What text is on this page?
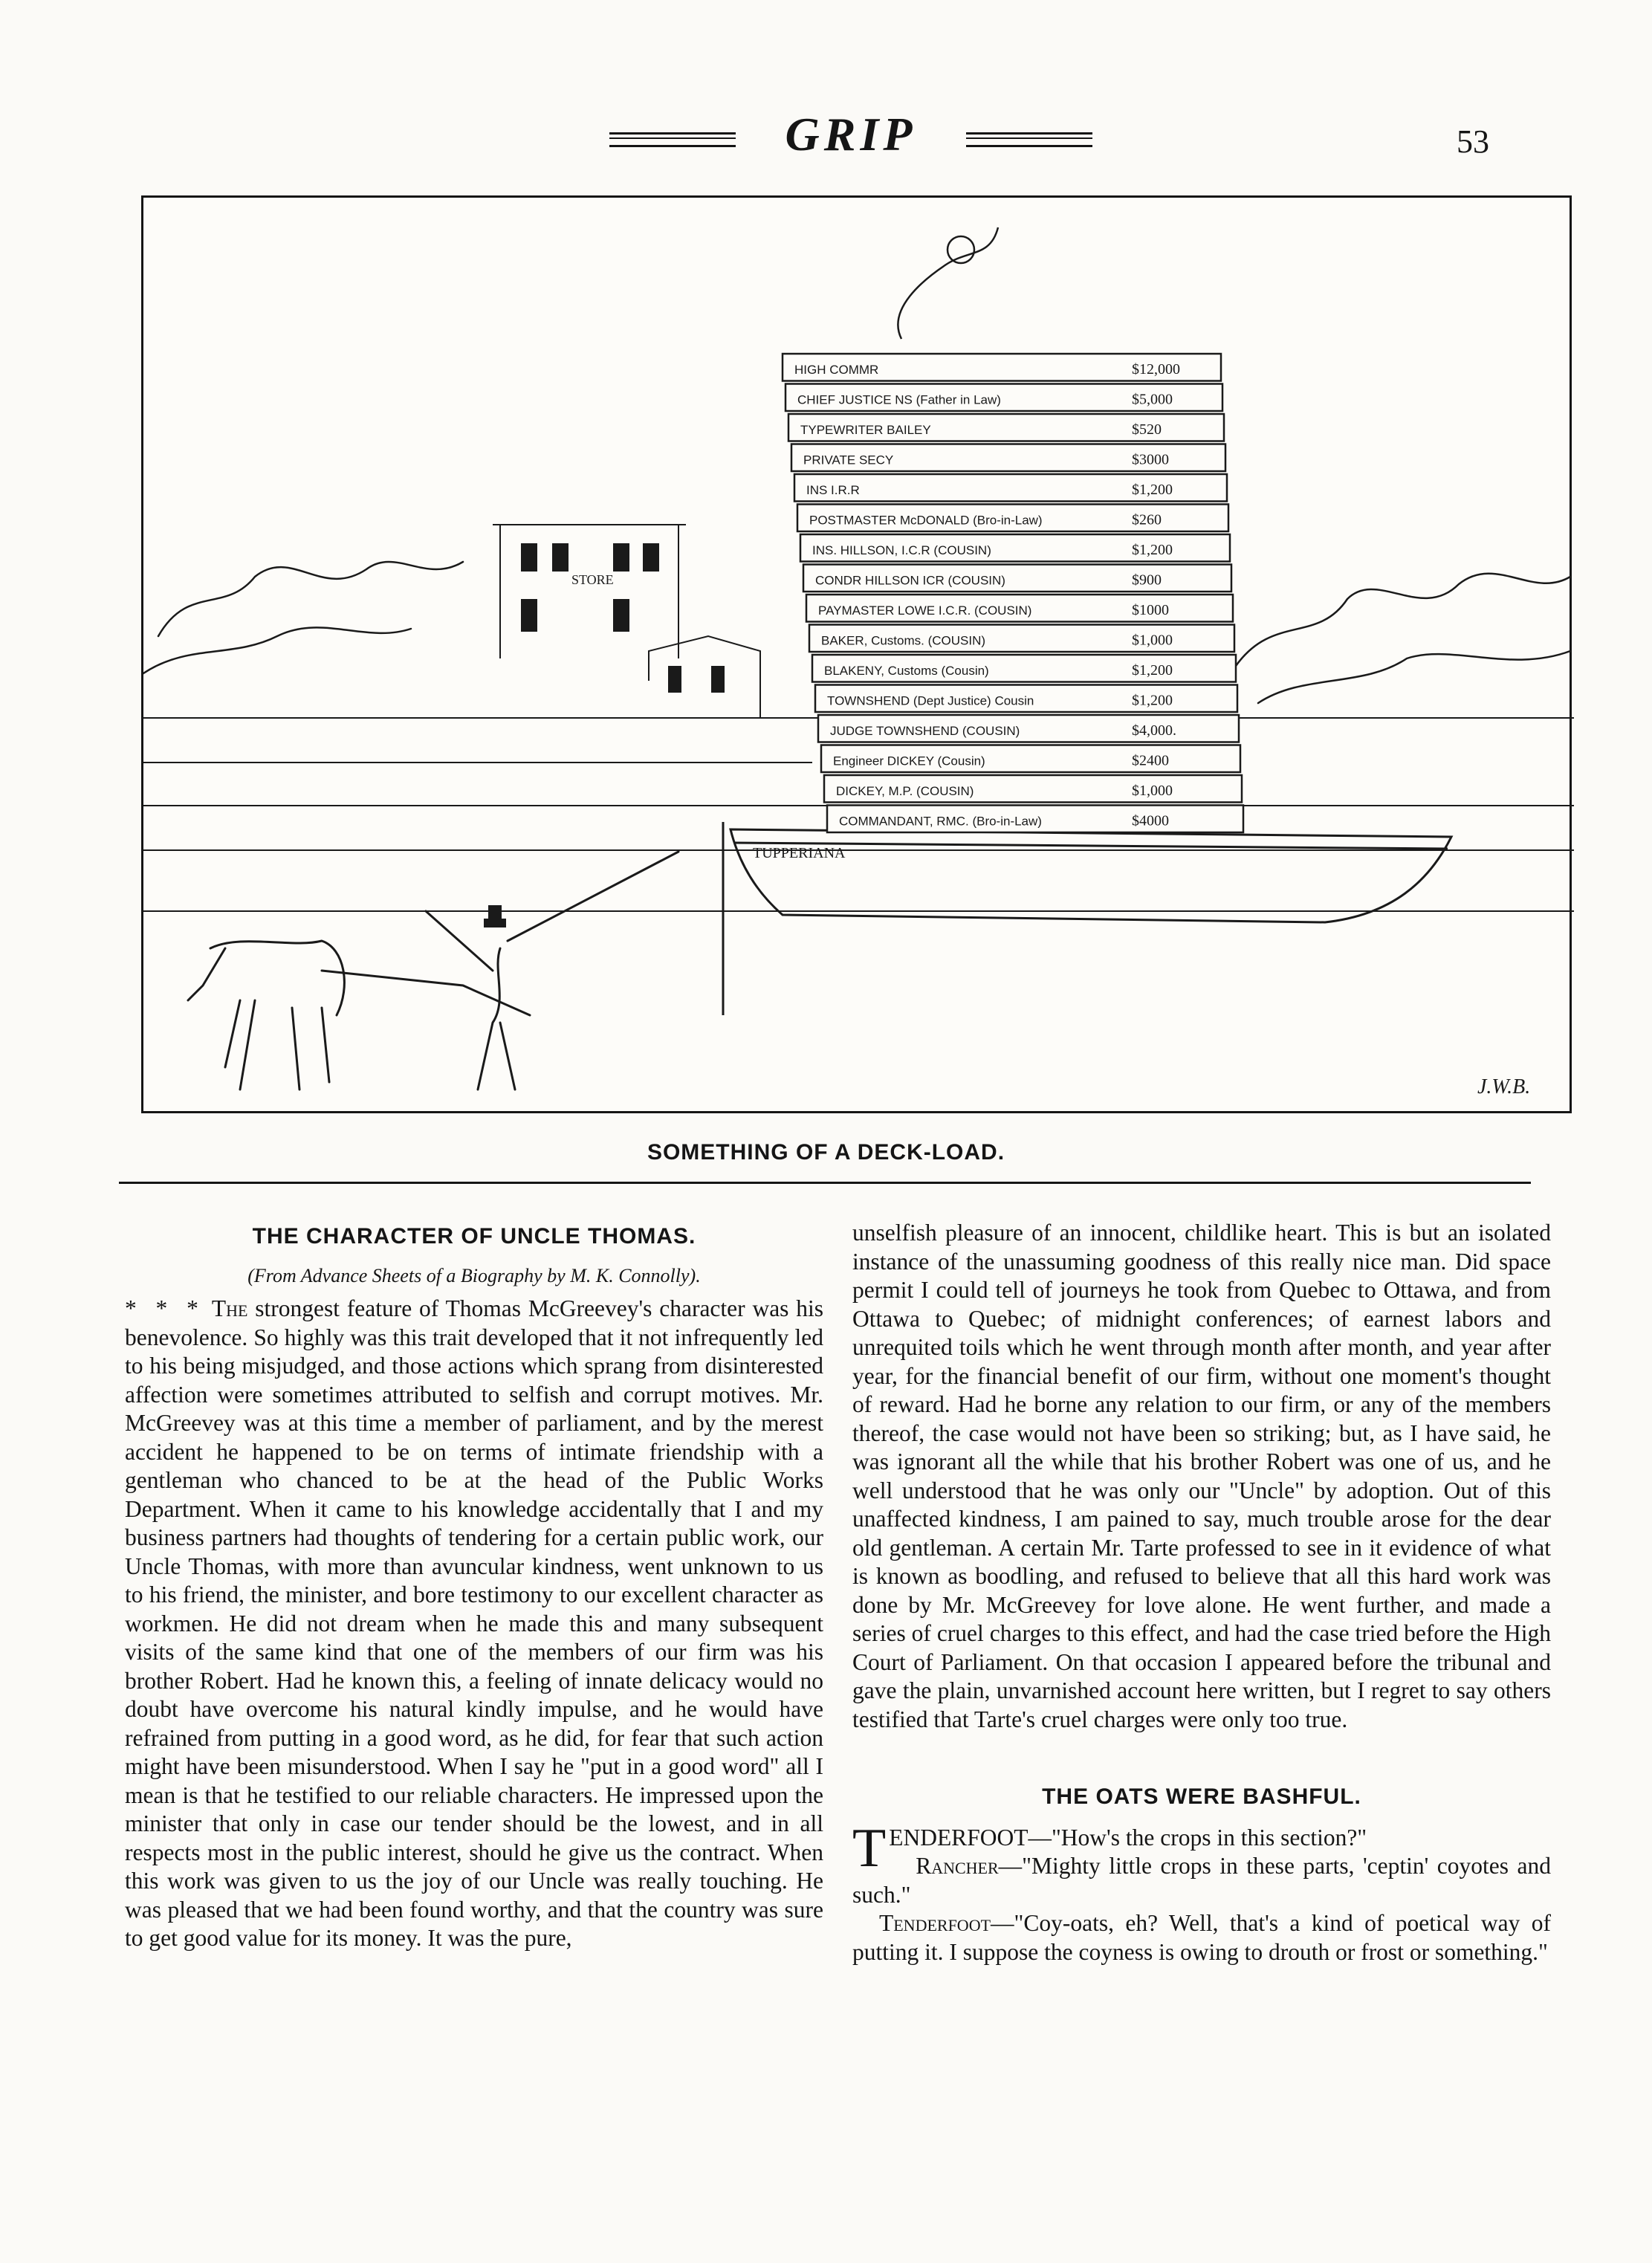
GRIP	53
STORE
TUPPERIANA
J.W.B.
HIGH COMMR	$12,000
CHIEF JUSTICE NS (Father in Law)	$5,000
TYPEWRITER BAILEY	$520
PRIVATE SECY	$3000
INS I.R.R	$1,200
POSTMASTER McDONALD (Bro-in-Law)	$260
INS. HILLSON, I.C.R (COUSIN)	$1,200
CONDR HILLSON ICR (COUSIN)	$900
PAYMASTER LOWE I.C.R. (COUSIN)	$1000
BAKER, Customs. (COUSIN)	$1,000
BLAKENY, Customs (Cousin)	$1,200
TOWNSHEND (Dept Justice) Cousin	$1,200
JUDGE TOWNSHEND (COUSIN)	$4,000.
Engineer DICKEY (Cousin)	$2400
DICKEY, M.P. (COUSIN)	$1,000
COMMANDANT, RMC. (Bro-in-Law)	$4000
SOMETHING OF A DECK-LOAD.
THE CHARACTER OF UNCLE THOMAS.
(From Advance Sheets of a Biography by M. K. Connolly).

* * * The strongest feature of Thomas McGreevey's character was his benevolence. So highly was this trait developed that it not infrequently led to his being misjudged, and those actions which sprang from disinterested affection were sometimes attributed to selfish and corrupt motives. Mr. McGreevey was at this time a member of parliament, and by the merest accident he happened to be on terms of intimate friendship with a gentleman who chanced to be at the head of the Public Works Department. When it came to his knowledge accidentally that I and my business partners had thoughts of tendering for a certain public work, our Uncle Thomas, with more than avuncular kindness, went unknown to us to his friend, the minister, and bore testimony to our excellent character as workmen. He did not dream when he made this and many subsequent visits of the same kind that one of the members of our firm was his brother Robert. Had he known this, a feeling of innate delicacy would no doubt have overcome his natural kindly impulse, and he would have refrained from putting in a good word, as he did, for fear that such action might have been misunderstood. When I say he "put in a good word" all I mean is that he testified to our reliable characters. He impressed upon the minister that only in case our tender should be the lowest, and in all respects most in the public interest, should he give us the contract. When this work was given to us the joy of our Uncle was really touching. He was pleased that we had been found worthy, and that the country was sure to get good value for its money. It was the pure,

unselfish pleasure of an innocent, childlike heart. This is but an isolated instance of the unassuming goodness of this really nice man. Did space permit I could tell of journeys he took from Quebec to Ottawa, and from Ottawa to Quebec; of midnight conferences; of earnest labors and unrequited toils which he went through month after month, and year after year, for the financial benefit of our firm, without one moment's thought of reward. Had he borne any relation to our firm, or any of the members thereof, the case would not have been so striking; but, as I have said, he was ignorant all the while that his brother Robert was one of us, and he well understood that he was only our "Uncle" by adoption. Out of this unaffected kindness, I am pained to say, much trouble arose for the dear old gentleman. A certain Mr. Tarte professed to see in it evidence of what is known as boodling, and refused to believe that all this hard work was done by Mr. McGreevey for love alone. He went further, and made a series of cruel charges to this effect, and had the case tried before the High Court of Parliament. On that occasion I appeared before the tribunal and gave the plain, unvarnished account here written, but I regret to say others testified that Tarte's cruel charges were only too true.

THE OATS WERE BASHFUL.

TENDERFOOT—"How's the crops in this section?"

Rancher—"Mighty little crops in these parts, 'ceptin' coyotes and such."

Tenderfoot—"Coy-oats, eh? Well, that's a kind of poetical way of putting it. I suppose the coyness is owing to drouth or frost or something."
